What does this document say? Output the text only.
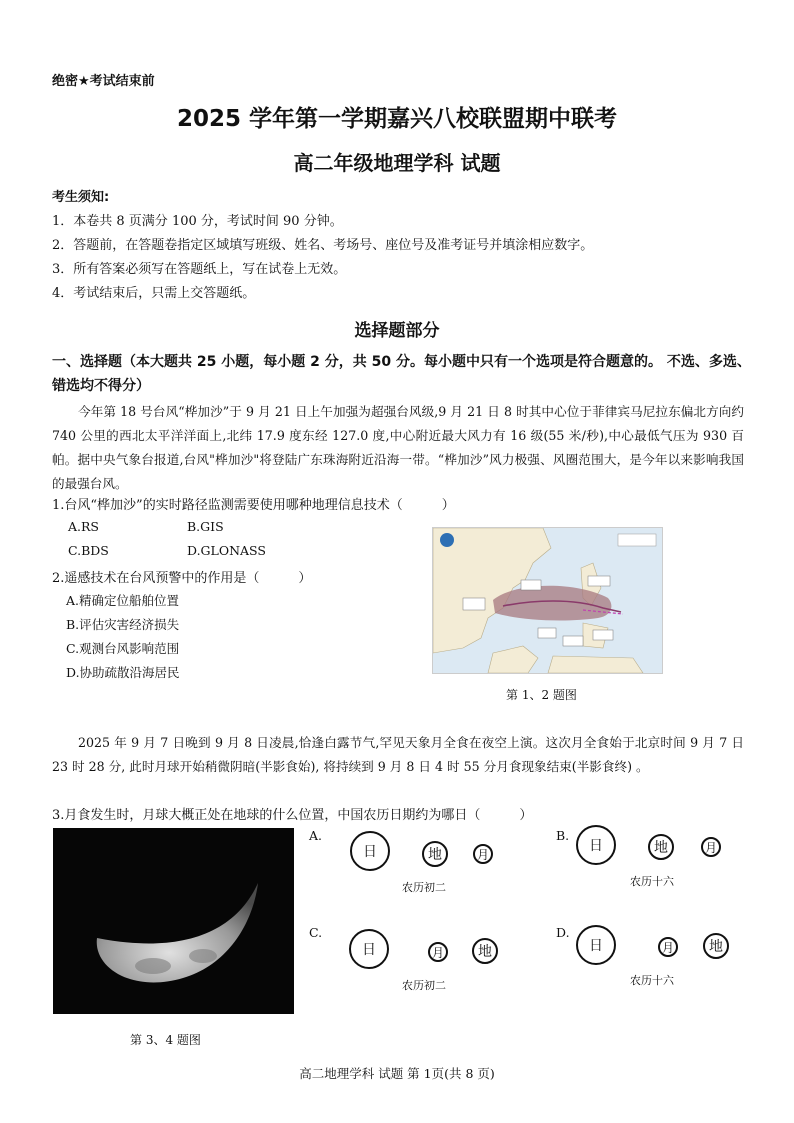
绝密★考试结束前
2025 学年第一学期嘉兴八校联盟期中联考
高二年级地理学科 试题
考生须知:
1．本卷共 8 页满分 100 分，考试时间 90 分钟。
2．答题前，在答题卷指定区域填写班级、姓名、考场号、座位号及准考证号并填涂相应数字。
3．所有答案必须写在答题纸上，写在试卷上无效。
4．考试结束后，只需上交答题纸。
选择题部分
一、选择题（本大题共 25 小题，每小题 2 分，共 50 分。每小题中只有一个选项是符合题意的。 不选、多选、错选均不得分）
今年第 18 号台风“桦加沙”于 9 月 21 日上午加强为超强台风级,9 月 21 日 8 时其中心位于菲律宾马尼拉东偏北方向约 740 公里的西北太平洋洋面上,北纬 17.9 度东经 127.0 度,中心附近最大风力有 16 级(55 米/秒),中心最低气压为 930 百帕。据中央气象台报道,台风"桦加沙"将登陆广东珠海附近沿海一带。“桦加沙”风力极强、风圈范围大，是今年以来影响我国的最强台风。
1.台风“桦加沙”的实时路径监测需要使用哪种地理信息技术（　　　）
A.RS	B.GIS
C.BDS	D.GLONASS
2.遥感技术在台风预警中的作用是（　　　）
A.精确定位船舶位置
B.评估灾害经济损失
C.观测台风影响范围
D.协助疏散沿海居民
第 1、2 题图
2025 年 9 月 7 日晚到 9 月 8 日凌晨,恰逢白露节气,罕见天象月全食在夜空上演。这次月全食始于北京时间 9 月 7 日 23 时 28 分, 此时月球开始稍微阴暗(半影食始), 将持续到 9 月 8 日 4 时 55 分月食现象结束(半影食终) 。
3.月食发生时，月球大概正处在地球的什么位置，中国农历日期约为哪日（　　　）
第 3、4 题图
A.
日	地	月
农历初二
B.
日	地	月
农历十六
C.
日	月	地
农历初二
D.
日	月	地
农历十六
高二地理学科 试题 第 1页(共 8 页)
